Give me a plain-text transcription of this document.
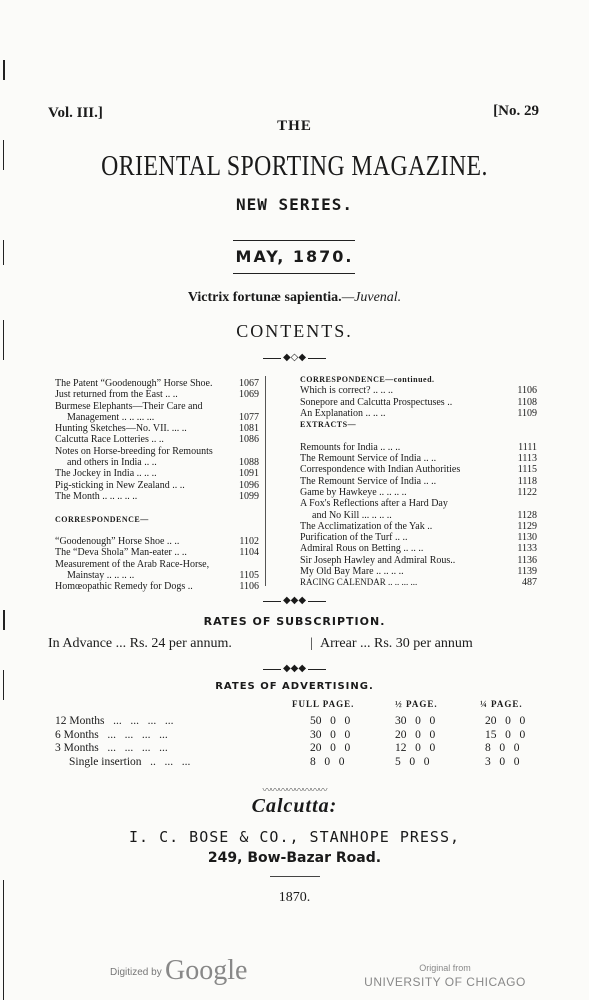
Vol. III.]	[No. 29
THE
ORIENTAL SPORTING MAGAZINE.
NEW SERIES.
MAY, 1870.
Victrix fortunæ sapientia.—Juvenal.
CONTENTS.
◆◇◆
The Patent “Goodenough” Horse Shoe.	1067
Just returned from the East .. ..	1069
Burmese Elephants—Their Care and
Management .. .. ... ...	1077
Hunting Sketches—No. VII. ... ..	1081
Calcutta Race Lotteries .. ..	1086
Notes on Horse-breeding for Remounts
and others in India .. ..	1088
The Jockey in India .. .. ..	1091
Pig-sticking in New Zealand .. ..	1096
The Month .. .. .. .. ..	1099
CORRESPONDENCE—
“Goodenough” Horse Shoe .. ..	1102
The “Deva Shola” Man-eater .. ..	1104
Measurement of the Arab Race-Horse,
Mainstay .. .. .. ..	1105
Homœopathic Remedy for Dogs ..	1106
CORRESPONDENCE—continued.
Which is correct? .. .. ..	1106
Sonepore and Calcutta Prospectuses ..	1108
An Explanation .. .. ..	1109
EXTRACTS—
Remounts for India .. .. ..	1111
The Remount Service of India .. ..	1113
Correspondence with Indian Authorities	1115
The Remount Service of India .. ..	1118
Game by Hawkeye .. .. .. ..	1122
A Fox's Reflections after a Hard Day
and No Kill ... .. .. ..	1128
The Acclimatization of the Yak ..	1129
Purification of the Turf .. ..	1130
Admiral Rous on Betting .. .. ..	1133
Sir Joseph Hawley and Admiral Rous..	1136
My Old Bay Mare .. .. .. ..	1139
RACING CALENDAR .. .. ... ...	487
◆◆◆
RATES OF SUBSCRIPTION.
In Advance ... Rs. 24 per annum.	| Arrear ... Rs. 30 per annum
◆◆◆
RATES OF ADVERTISING.
FULL PAGE.	½ PAGE.	¼ PAGE.
12 Months   ...   ...   ...   ...	50   0   0	30   0   0	20   0   0
6 Months   ...   ...   ...   ...	30   0   0	20   0   0	15   0   0
3 Months   ...   ...   ...   ...	20   0   0	12   0   0	8   0   0
Single insertion   ..   ...   ...	8   0   0	5   0   0	3   0   0
〰〰〰〰〰〰〰〰
Calcutta:
I. C. BOSE & CO., STANHOPE PRESS,
249, Bow-Bazar Road.
1870.
Digitized by Google	Original from
UNIVERSITY OF CHICAGO
